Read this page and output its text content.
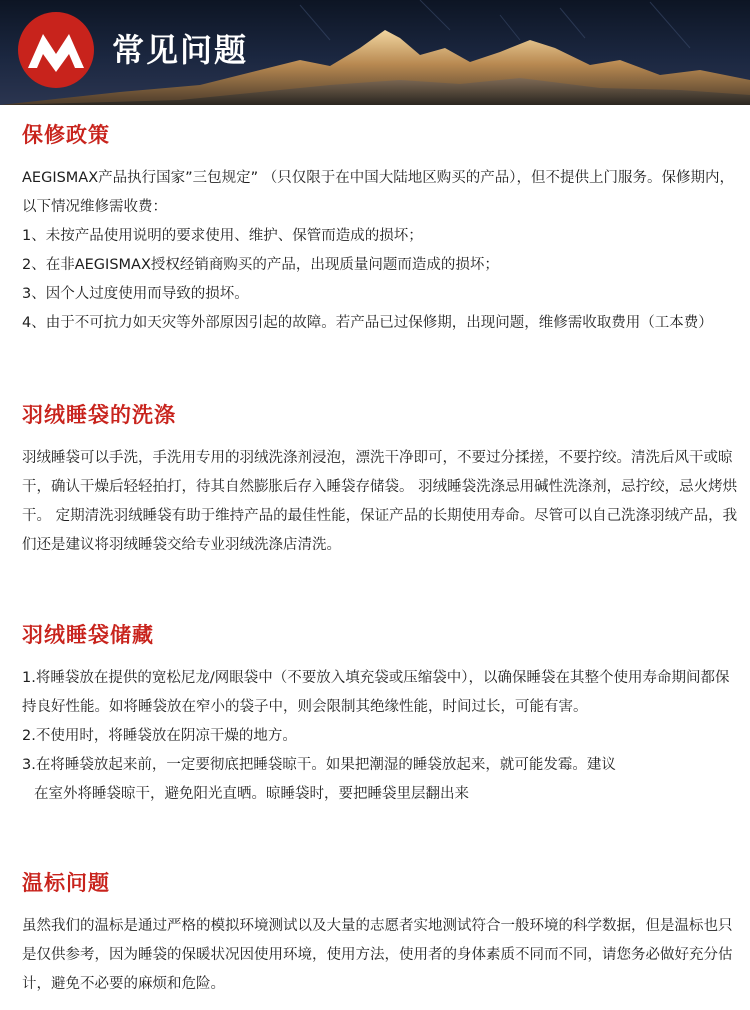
常见问题
保修政策

AEGISMAX产品执行国家”三包规定” （只仅限于在中国大陆地区购买的产品），但不提供上门服务。保修期内，以下情况维修需收费：

1、未按产品使用说明的要求使用、维护、保管而造成的损坏；

2、在非AEGISMAX授权经销商购买的产品，出现质量问题而造成的损坏；

3、因个人过度使用而导致的损坏。

4、由于不可抗力如天灾等外部原因引起的故障。若产品已过保修期，出现问题，维修需收取费用（工本费）

羽绒睡袋的洗涤

羽绒睡袋可以手洗，手洗用专用的羽绒洗涤剂浸泡，漂洗干净即可，不要过分揉搓，不要拧绞。清洗后风干或晾干，确认干燥后轻轻拍打，待其自然膨胀后存入睡袋存储袋。 羽绒睡袋洗涤忌用碱性洗涤剂，忌拧绞，忌火烤烘干。 定期清洗羽绒睡袋有助于维持产品的最佳性能，保证产品的长期使用寿命。尽管可以自己洗涤羽绒产品，我们还是建议将羽绒睡袋交给专业羽绒洗涤店清洗。

羽绒睡袋储藏

1.将睡袋放在提供的宽松尼龙/网眼袋中（不要放入填充袋或压缩袋中），以确保睡袋在其整个使用寿命期间都保持良好性能。如将睡袋放在窄小的袋子中，则会限制其绝缘性能，时间过长，可能有害。

2.不使用时，将睡袋放在阴凉干燥的地方。

3.在将睡袋放起来前，一定要彻底把睡袋晾干。如果把潮湿的睡袋放起来，就可能发霉。建议

在室外将睡袋晾干，避免阳光直晒。晾睡袋时，要把睡袋里层翻出来

温标问题

虽然我们的温标是通过严格的模拟环境测试以及大量的志愿者实地测试符合一般环境的科学数据，但是温标也只是仅供参考，因为睡袋的保暖状况因使用环境，使用方法，使用者的身体素质不同而不同，请您务必做好充分估计，避免不必要的麻烦和危险。
